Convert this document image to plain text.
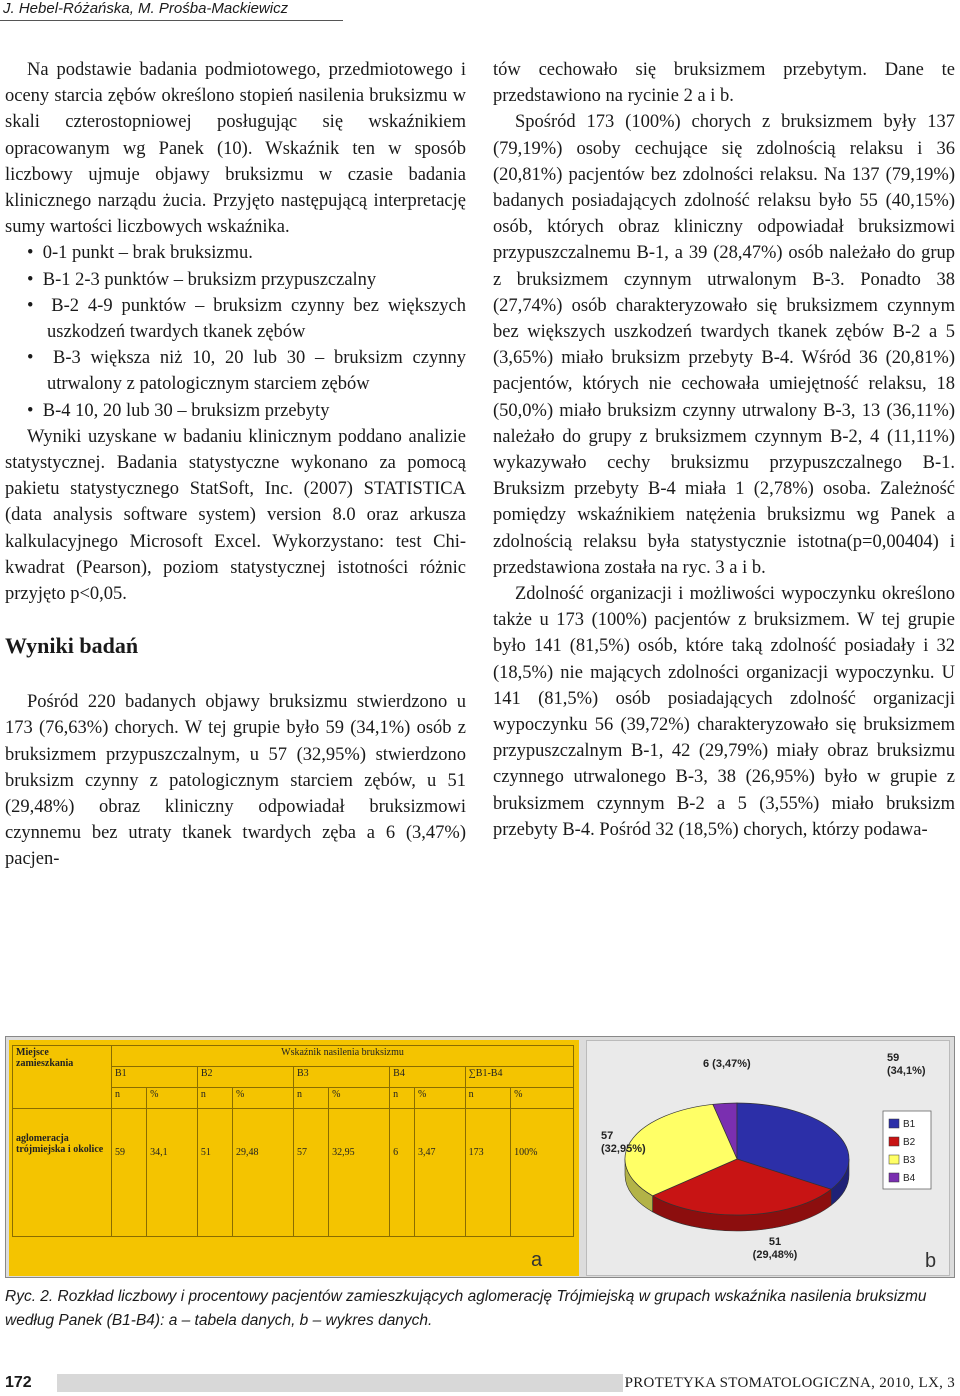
J. Hebel-Różańska, M. Prośba-Mackiewicz

Na podstawie badania podmiotowego, przedmiotowego i oceny starcia zębów określono stopień nasilenia bruksizmu w skali czterostopniowej posługując się wskaźnikiem opracowanym wg Panek (10). Wskaźnik ten w sposób liczbowy ujmuje objawy bruksizmu w czasie badania klinicznego narządu żucia. Przyjęto następującą interpretację sumy wartości liczbowych wskaźnika.

•  0-1 punkt – brak bruksizmu.

•  B-1 2-3 punktów – bruksizm przypuszczalny

•  B-2 4-9 punktów – bruksizm czynny bez większych uszkodzeń twardych tkanek zębów

•  B-3 większa niż 10, 20 lub 30 – bruksizm czynny utrwalony z patologicznym starciem zębów

•  B-4 10, 20 lub 30 – bruksizm przebyty

Wyniki uzyskane w badaniu klinicznym poddano analizie statystycznej. Badania statystyczne wykonano za pomocą pakietu statystycznego StatSoft, Inc. (2007) STATISTICA (data analysis software system) version 8.0 oraz arkusza kalkulacyjnego Microsoft Excel. Wykorzystano: test Chi-kwadrat (Pearson), poziom statystycznej istotności różnic przyjęto p<0,05.

Wyniki badań

Pośród 220 badanych objawy bruksizmu stwierdzono u 173 (76,63%) chorych. W tej grupie było 59 (34,1%) osób z bruksizmem przypuszczalnym, u 57 (32,95%) stwierdzono bruksizm czynny z patologicznym starciem zębów, u 51 (29,48%) obraz kliniczny odpowiadał bruksizmowi czynnemu bez utraty tkanek twardych zęba a 6 (3,47%) pacjen-

tów cechowało się bruksizmem przebytym. Dane te przedstawiono na rycinie 2 a i b.

Spośród 173 (100%) chorych z bruksizmem były 137 (79,19%) osoby cechujące się zdolnością relaksu i 36 (20,81%) pacjentów bez zdolności relaksu. Na 137 (79,19%) badanych posiadających zdolność relaksu było 55 (40,15%) osób, których obraz kliniczny odpowiadał bruksizmowi przypuszczalnemu B-1, a 39 (28,47%) osób należało do grup z bruksizmem czynnym utrwalonym B-3. Ponadto 38 (27,74%) osób charakteryzowało się bruksizmem czynnym bez większych uszkodzeń twardych tkanek zębów B-2 a 5 (3,65%) miało bruksizm przebyty B-4. Wśród 36 (20,81%) pacjentów, których nie cechowała umiejętność relaksu, 18 (50,0%) miało bruksizm czynny utrwalony B-3, 13 (36,11%) należało do grupy z bruksizmem czynnym B-2, 4 (11,11%) wykazywało cechy bruksizmu przypuszczalnego B-1. Bruksizm przebyty B-4 miała 1 (2,78%) osoba. Zależność pomiędzy wskaźnikiem natężenia bruksizmu wg Panek a zdolnością relaksu była statystycznie istotna(p=0,00404) i przedstawiona została na ryc. 3 a i b.

Zdolność organizacji i możliwości wypoczynku określono także u 173 (100%) pacjentów z bruksizmem. W tej grupie było 141 (81,5%) osób, które taką zdolność posiadały i 32 (18,5%) nie mających zdolności organizacji wypoczynku. U 141 (81,5%) osób posiadających zdolność organizacji wypoczynku 56 (39,72%) charakteryzowało się bruksizmem przypuszczalnym B-1, 42 (29,79%) miały obraz bruksizmu czynnego utrwalonego B-3, 38 (26,95%) było w grupie z bruksizmem czynnym B-2 a 5 (3,55%) miało bruksizm przebyty B-4. Pośród 32 (18,5%) chorych, którzy podawa-

Miejsce zamieszkania	Wskaźnik nasilenia bruksizmu									
	B1		B2		B3		B4		∑B1-B4	
	n	%	n	%	n	%	n	%	n	%
aglomeracja trójmiejska i okolice	59	34,1	51	29,48	57	32,95	6	3,47	173	100%
a
59
(34,1%)
51
(29,48%)
57
(32,95%)
6 (3,47%)
B1
B2
B3
B4
b
Ryc. 2. Rozkład liczbowy i procentowy pacjentów zamieszkujących aglomerację Trójmiejską w grupach wskaźnika nasilenia bruksizmu według Panek (B1-B4): a – tabela danych, b – wykres danych.
172	PROTETYKA STOMATOLOGICZNA, 2010, LX, 3
